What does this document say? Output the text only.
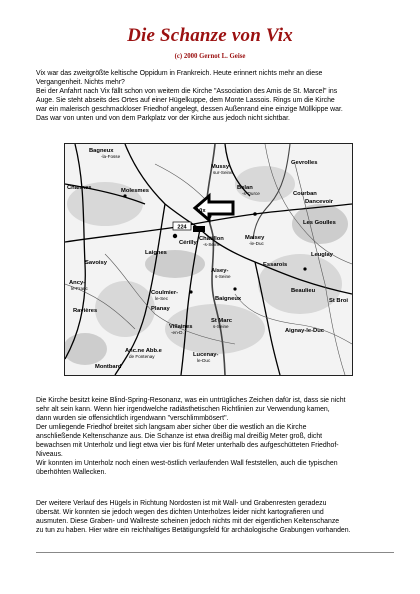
Die Schanze von Vix
(c) 2000 Gernot L. Geise
Vix war das zweitgrößte keltische Oppidum in Frankreich. Heute erinnert nichts mehr an diese
Vergangenheit. Nichts mehr?
Bei der Anfahrt nach Vix fällt schon von weitem die Kirche "Association des Amis de St. Marcel" ins
Auge. Sie steht abseits des Ortes auf einer Hügelkuppe, dem Monte Lassois. Rings um die Kirche
war ein malerisch geschmackloser Friedhof angelegt, dessen Außenrand eine einzige Müllkippe war.
Das war von unten und von dem Parkplatz vor der Kirche aus jedoch nicht sichtbar.
224
Bagneux
-la-Fosse
Mussy-
sur-Seine
Gevrolles
Channes	Molesmes	Belan
-s-Ource	Courban
Dancevoir
Vix
Les Goulles
Cérilly
Châtillon
-s-Seine
Maisey
-le-Duc
Laignes	Leuglay
Savoisy	Essarois
Ancy-
le-Franc
Coulmier-
le-Sec
Aisey-
s-Seine
Beaulieu
Ravières	Planay
Baigneux	St Broi
St Marc
s-Seine
Villaines
-en-D.	Aignay-le-Duc
Anc.ne Abb.e
de Fontenay	Lucenay-
le-Duc
Montbard
Die Kirche besitzt keine Blind-Spring-Resonanz, was ein untrügliches Zeichen dafür ist, dass sie nicht
sehr alt sein kann. Wenn hier irgendwelche radiästhetischen Richtlinien zur Verwendung kamen,
dann wurden sie offensichtlich irgendwann "verschlimmbösert".
Der umliegende Friedhof breitet sich langsam aber sicher über die westlich an die Kirche
anschließende Keltenschanze aus. Die Schanze ist etwa dreißig mal dreißig Meter groß, dicht
bewachsen mit Unterholz und liegt etwa vier bis fünf Meter unterhalb des aufgeschütteten Friedhof-
Niveaus.
Wir konnten im Unterholz noch einen west-östlich verlaufenden Wall feststellen, auch die typischen
überhöhten Wallecken.
Der weitere Verlauf des Hügels in Richtung Nordosten ist mit Wall- und Grabenresten geradezu
übersät. Wir konnten sie jedoch wegen des dichten Unterholzes leider nicht kartografieren und
ausmuten. Diese Graben- und Wallreste scheinen jedoch nichts mit der eigentlichen Keltenschanze
zu tun zu haben. Hier wäre ein reichhaltiges Betätigungsfeld für archäologische Grabungen vorhanden.
